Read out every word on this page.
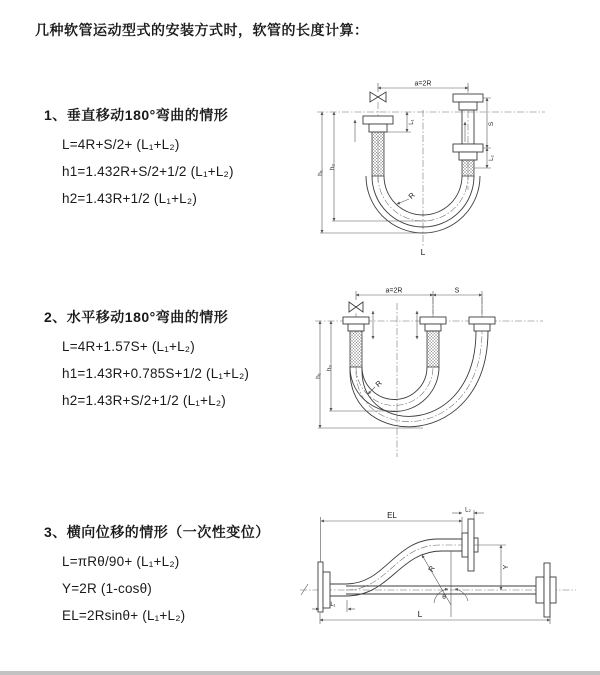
几种软管运动型式的安装方式时，软管的长度计算：
1、垂直移动180°弯曲的情形
L=4R+S/2+ (L₁+L₂)
h1=1.432R+S/2+1/2 (L₁+L₂)
h2=1.43R+1/2 (L₁+L₂)
2、水平移动180°弯曲的情形
L=4R+1.57S+ (L₁+L₂)
h1=1.43R+0.785S+1/2 (L₁+L₂)
h2=1.43R+S/2+1/2 (L₁+L₂)
3、横向位移的情形（一次性变位）
L=πRθ/90+ (L₁+L₂)
Y=2R (1-cosθ)
EL=2Rsinθ+ (L₁+L₂)
a=2R
h₁
h₂
L₁	S
L₂
R
L
a=2R	S
h₁
h₂
R
EL
L₂
Y
R
θ
L₁
L
